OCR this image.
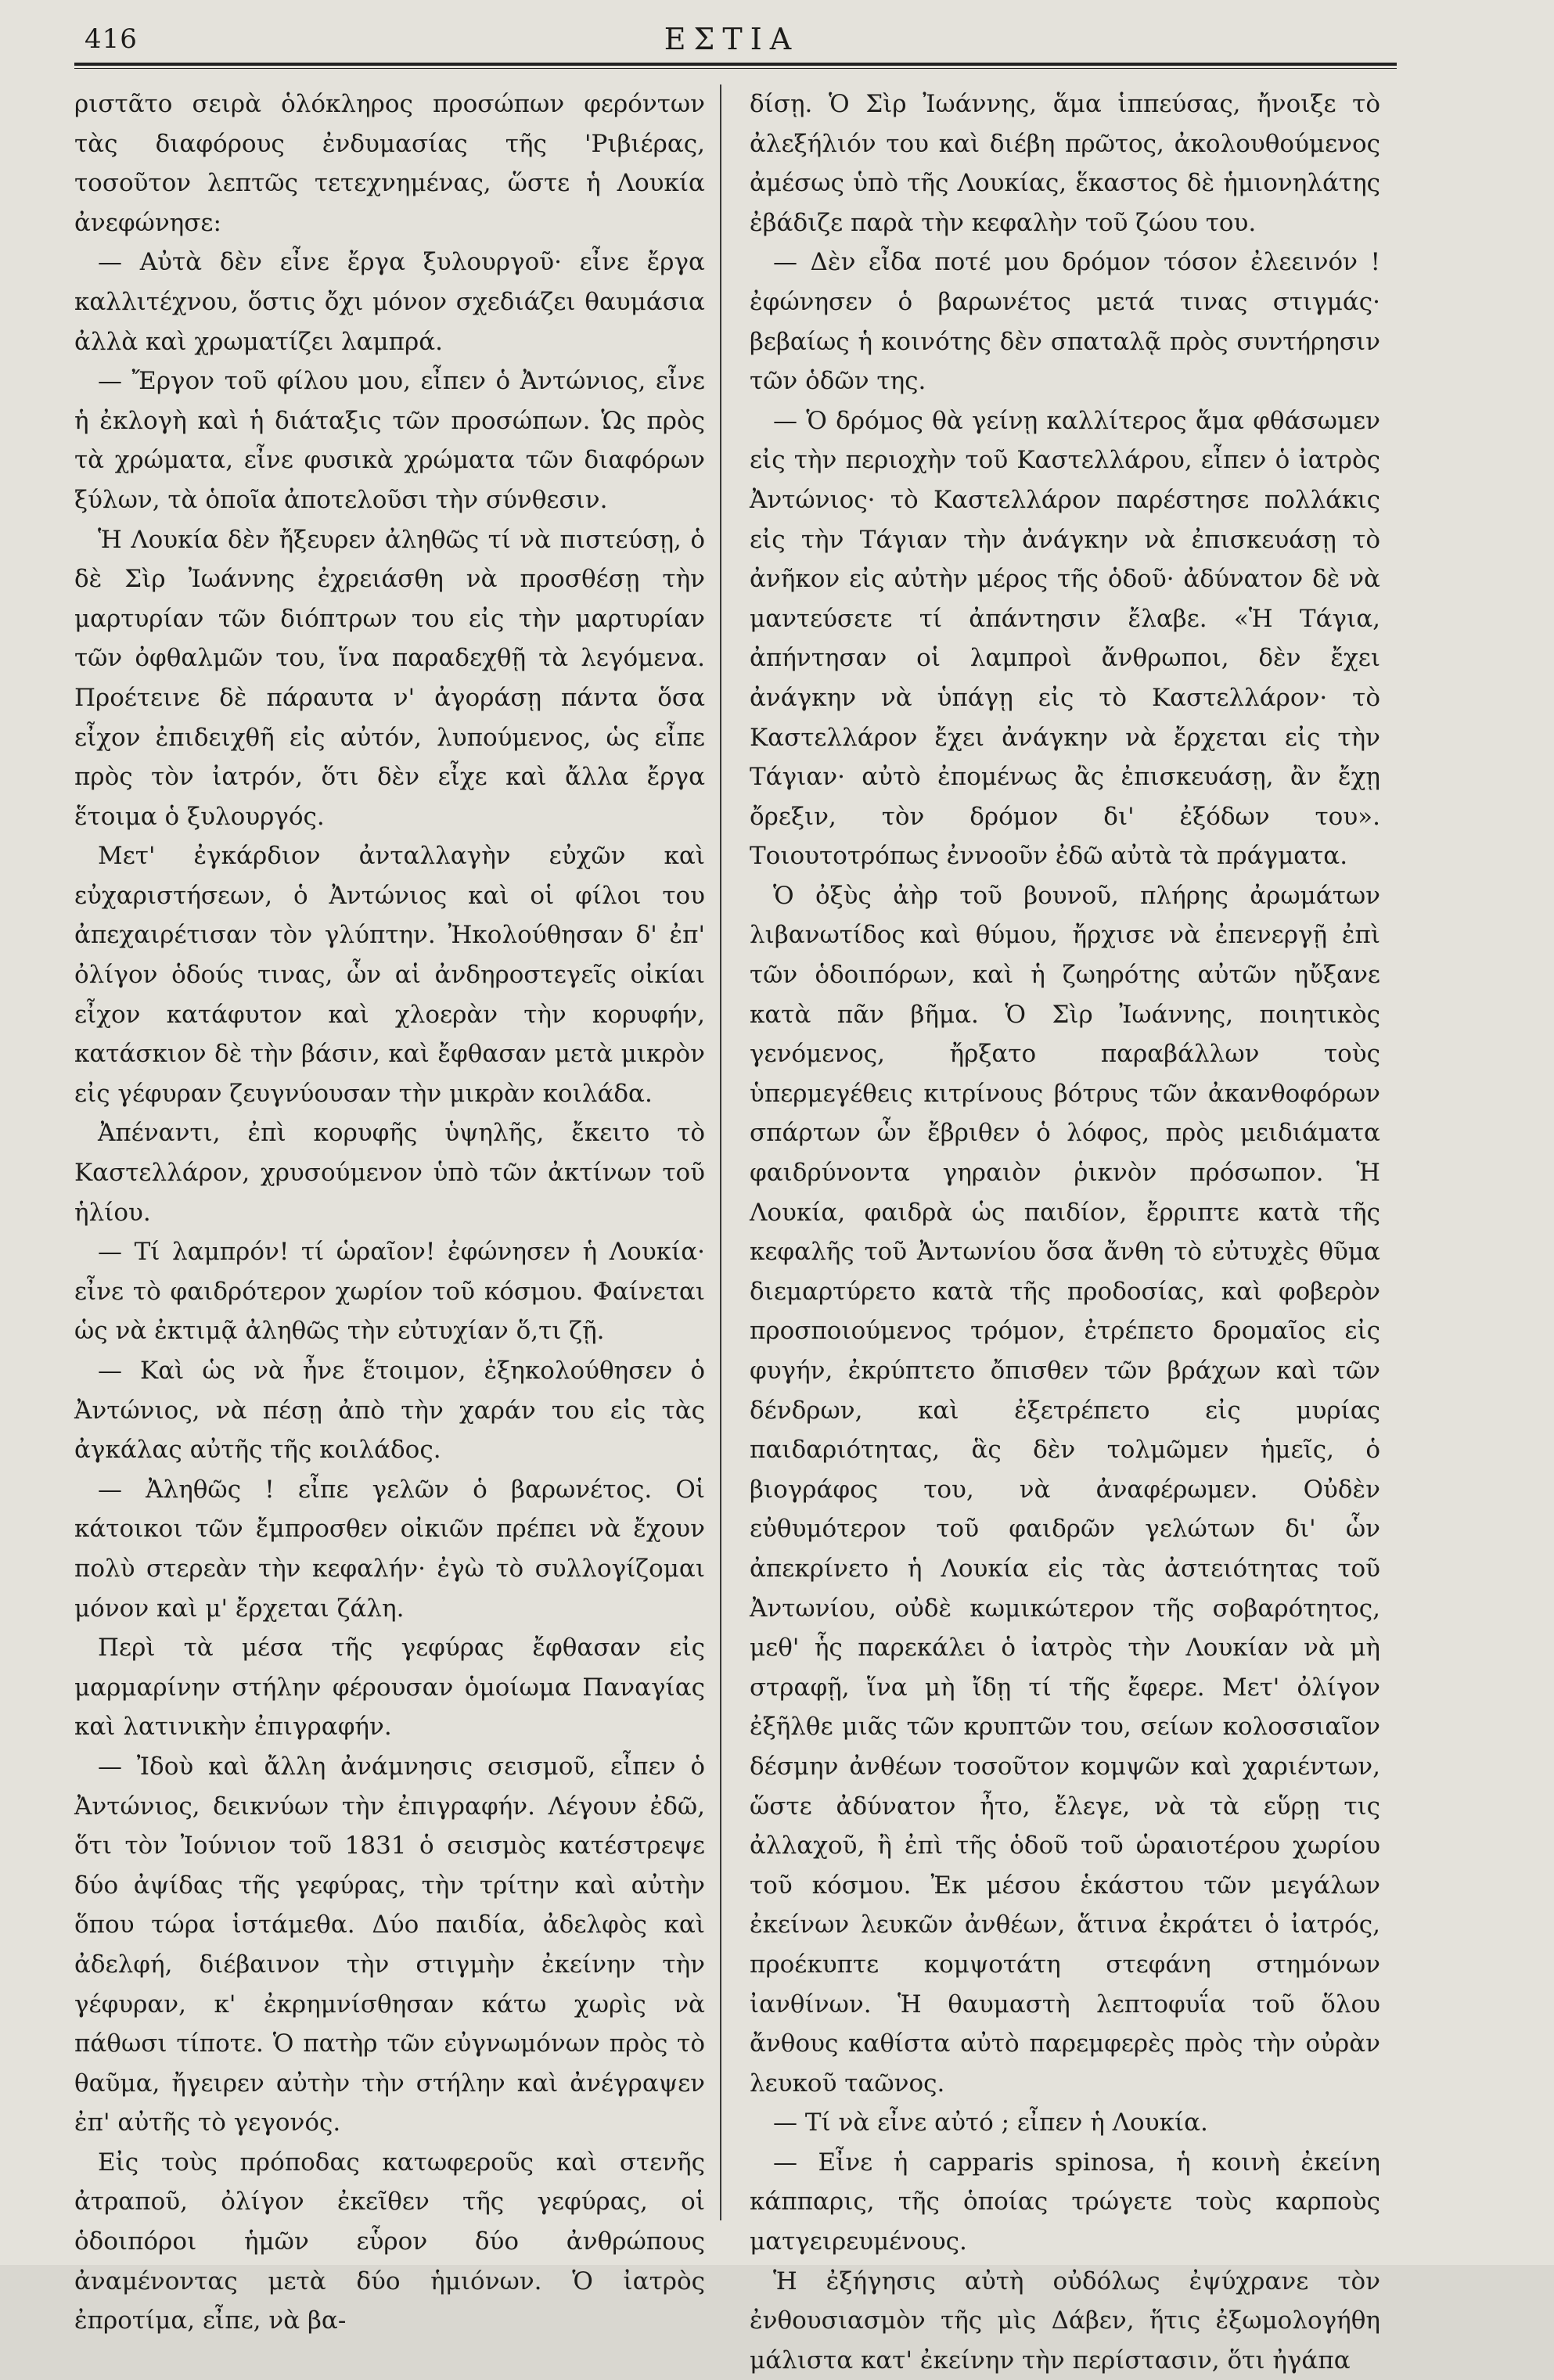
416	ΕΣΤΙΑ

ριστᾶτο σειρὰ ὁλόκληρος προσώπων φερόντων τὰς διαφόρους ἐνδυμασίας τῆς 'Ριβιέρας, τοσοῦτον λεπτῶς τετεχνημένας, ὥστε ἡ Λουκία ἀνεφώνησε:

— Αὐτὰ δὲν εἶνε ἔργα ξυλουργοῦ· εἶνε ἔργα καλλιτέχνου, ὅστις ὄχι μόνον σχεδιάζει θαυμάσια ἀλλὰ καὶ χρωματίζει λαμπρά.

— Ἔργον τοῦ φίλου μου, εἶπεν ὁ Ἀντώνιος, εἶνε ἡ ἐκλογὴ καὶ ἡ διάταξις τῶν προσώπων. Ὡς πρὸς τὰ χρώματα, εἶνε φυσικὰ χρώματα τῶν διαφόρων ξύλων, τὰ ὁποῖα ἀποτελοῦσι τὴν σύνθεσιν.

Ἡ Λουκία δὲν ἤξευρεν ἀληθῶς τί νὰ πιστεύσῃ, ὁ δὲ Σὶρ Ἰωάννης ἐχρειάσθη νὰ προσθέσῃ τὴν μαρτυρίαν τῶν διόπτρων του εἰς τὴν μαρτυρίαν τῶν ὀφθαλμῶν του, ἵνα παραδεχθῇ τὰ λεγόμενα. Προέτεινε δὲ πάραυτα ν' ἀγοράσῃ πάντα ὅσα εἶχον ἐπιδειχθῆ εἰς αὐτόν, λυπούμενος, ὡς εἶπε πρὸς τὸν ἰατρόν, ὅτι δὲν εἶχε καὶ ἄλλα ἔργα ἕτοιμα ὁ ξυλουργός.

Μετ' ἐγκάρδιον ἀνταλλαγὴν εὐχῶν καὶ εὐχαριστήσεων, ὁ Ἀντώνιος καὶ οἱ φίλοι του ἀπεχαιρέτισαν τὸν γλύπτην. Ἠκολούθησαν δ' ἐπ' ὀλίγον ὁδούς τινας, ὧν αἱ ἀνδηροστεγεῖς οἰκίαι εἶχον κατάφυτον καὶ χλοερὰν τὴν κορυφήν, κατάσκιον δὲ τὴν βάσιν, καὶ ἔφθασαν μετὰ μικρὸν εἰς γέφυραν ζευγνύουσαν τὴν μικρὰν κοιλάδα.

Ἀπέναντι, ἐπὶ κορυφῆς ὑψηλῆς, ἔκειτο τὸ Καστελλάρον, χρυσούμενον ὑπὸ τῶν ἀκτίνων τοῦ ἡλίου.

— Τί λαμπρόν! τί ὡραῖον! ἐφώνησεν ἡ Λουκία· εἶνε τὸ φαιδρότερον χωρίον τοῦ κόσμου. Φαίνεται ὡς νὰ ἐκτιμᾷ ἀληθῶς τὴν εὐτυχίαν ὅ,τι ζῇ.

— Καὶ ὡς νὰ ἦνε ἕτοιμον, ἐξηκολούθησεν ὁ Ἀντώνιος, νὰ πέσῃ ἀπὸ τὴν χαράν του εἰς τὰς ἀγκάλας αὐτῆς τῆς κοιλάδος.

— Ἀληθῶς ! εἶπε γελῶν ὁ βαρωνέτος. Οἱ κάτοικοι τῶν ἔμπροσθεν οἰκιῶν πρέπει νὰ ἔχουν πολὺ στερεὰν τὴν κεφαλήν· ἐγὼ τὸ συλλογίζομαι μόνον καὶ μ' ἔρχεται ζάλη.

Περὶ τὰ μέσα τῆς γεφύρας ἔφθασαν εἰς μαρμαρίνην στήλην φέρουσαν ὁμοίωμα Παναγίας καὶ λατινικὴν ἐπιγραφήν.

— Ἰδοὺ καὶ ἄλλη ἀνάμνησις σεισμοῦ, εἶπεν ὁ Ἀντώνιος, δεικνύων τὴν ἐπιγραφήν. Λέγουν ἐδῶ, ὅτι τὸν Ἰούνιον τοῦ 1831 ὁ σεισμὸς κατέστρεψε δύο ἀψίδας τῆς γεφύρας, τὴν τρίτην καὶ αὐτὴν ὅπου τώρα ἱστάμεθα. Δύο παιδία, ἀδελφὸς καὶ ἀδελφή, διέβαινον τὴν στιγμὴν ἐκείνην τὴν γέφυραν, κ' ἐκρημνίσθησαν κάτω χωρὶς νὰ πάθωσι τίποτε. Ὁ πατὴρ τῶν εὐγνωμόνων πρὸς τὸ θαῦμα, ἤγειρεν αὐτὴν τὴν στήλην καὶ ἀνέγραψεν ἐπ' αὐτῆς τὸ γεγονός.

Εἰς τοὺς πρόποδας κατωφεροῦς καὶ στενῆς ἀτραποῦ, ὀλίγον ἐκεῖθεν τῆς γεφύρας, οἱ ὁδοιπόροι ἡμῶν εὗρον δύο ἀνθρώπους ἀναμένοντας μετὰ δύο ἡμιόνων. Ὁ ἰατρὸς ἐπροτίμα, εἶπε, νὰ βα-

δίσῃ. Ὁ Σὶρ Ἰωάννης, ἅμα ἱππεύσας, ἤνοιξε τὸ ἀλεξήλιόν του καὶ διέβη πρῶτος, ἀκολουθούμενος ἀμέσως ὑπὸ τῆς Λουκίας, ἕκαστος δὲ ἡμιονηλάτης ἐβάδιζε παρὰ τὴν κεφαλὴν τοῦ ζώου του.

— Δὲν εἶδα ποτέ μου δρόμον τόσον ἐλεεινόν ! ἐφώνησεν ὁ βαρωνέτος μετά τινας στιγμάς· βεβαίως ἡ κοινότης δὲν σπαταλᾷ πρὸς συντήρησιν τῶν ὁδῶν της.

— Ὁ δρόμος θὰ γείνῃ καλλίτερος ἅμα φθάσωμεν εἰς τὴν περιοχὴν τοῦ Καστελλάρου, εἶπεν ὁ ἰατρὸς Ἀντώνιος· τὸ Καστελλάρον παρέστησε πολλάκις εἰς τὴν Τάγιαν τὴν ἀνάγκην νὰ ἐπισκευάσῃ τὸ ἀνῆκον εἰς αὐτὴν μέρος τῆς ὁδοῦ· ἀδύνατον δὲ νὰ μαντεύσετε τί ἀπάντησιν ἔλαβε. «Ἡ Τάγια, ἀπήντησαν οἱ λαμπροὶ ἄνθρωποι, δὲν ἔχει ἀνάγκην νὰ ὑπάγῃ εἰς τὸ Καστελλάρον· τὸ Καστελλάρον ἔχει ἀνάγκην νὰ ἔρχεται εἰς τὴν Τάγιαν· αὐτὸ ἐπομένως ἂς ἐπισκευάσῃ, ἂν ἔχῃ ὄρεξιν, τὸν δρόμον δι' ἐξόδων του». Τοιουτοτρόπως ἐννοοῦν ἐδῶ αὐτὰ τὰ πράγματα.

Ὁ ὀξὺς ἀὴρ τοῦ βουνοῦ, πλήρης ἀρωμάτων λιβανωτίδος καὶ θύμου, ἤρχισε νὰ ἐπενεργῇ ἐπὶ τῶν ὁδοιπόρων, καὶ ἡ ζωηρότης αὐτῶν ηὔξανε κατὰ πᾶν βῆμα. Ὁ Σὶρ Ἰωάννης, ποιητικὸς γενόμενος, ἤρξατο παραβάλλων τοὺς ὑπερμεγέθεις κιτρίνους βότρυς τῶν ἀκανθοφόρων σπάρτων ὧν ἔβριθεν ὁ λόφος, πρὸς μειδιάματα φαιδρύνοντα γηραιὸν ῥικνὸν πρόσωπον. Ἡ Λουκία, φαιδρὰ ὡς παιδίον, ἔρριπτε κατὰ τῆς κεφαλῆς τοῦ Ἀντωνίου ὅσα ἄνθη τὸ εὐτυχὲς θῦμα διεμαρτύρετο κατὰ τῆς προδοσίας, καὶ φοβερὸν προσποιούμενος τρόμον, ἐτρέπετο δρομαῖος εἰς φυγήν, ἐκρύπτετο ὄπισθεν τῶν βράχων καὶ τῶν δένδρων, καὶ ἐξετρέπετο εἰς μυρίας παιδαριότητας, ἃς δὲν τολμῶμεν ἡμεῖς, ὁ βιογράφος του, νὰ ἀναφέρωμεν. Οὐδὲν εὐθυμότερον τοῦ φαιδρῶν γελώτων δι' ὧν ἀπεκρίνετο ἡ Λουκία εἰς τὰς ἀστειότητας τοῦ Ἀντωνίου, οὐδὲ κωμικώτερον τῆς σοβαρότητος, μεθ' ἧς παρεκάλει ὁ ἰατρὸς τὴν Λουκίαν νὰ μὴ στραφῇ, ἵνα μὴ ἴδῃ τί τῆς ἔφερε. Μετ' ὀλίγον ἐξῆλθε μιᾶς τῶν κρυπτῶν του, σείων κολοσσιαῖον δέσμην ἀνθέων τοσοῦτον κομψῶν καὶ χαριέντων, ὥστε ἀδύνατον ἦτο, ἔλεγε, νὰ τὰ εὕρῃ τις ἀλλαχοῦ, ἢ ἐπὶ τῆς ὁδοῦ τοῦ ὡραιοτέρου χωρίου τοῦ κόσμου. Ἐκ μέσου ἑκάστου τῶν μεγάλων ἐκείνων λευκῶν ἀνθέων, ἅτινα ἐκράτει ὁ ἰατρός, προέκυπτε κομψοτάτη στεφάνη στημόνων ἰανθίνων. Ἡ θαυμαστὴ λεπτοφυΐα τοῦ ὅλου ἄνθους καθίστα αὐτὸ παρεμφερὲς πρὸς τὴν οὐρὰν λευκοῦ ταῶνος.

— Τί νὰ εἶνε αὐτό ; εἶπεν ἡ Λουκία.

— Εἶνε ἡ capparis spinosa, ἡ κοινὴ ἐκείνη κάππαρις, τῆς ὁποίας τρώγετε τοὺς καρποὺς ματγειρευμένους.

Ἡ ἐξήγησις αὐτὴ οὐδόλως ἐψύχρανε τὸν ἐνθουσιασμὸν τῆς μὶς Δάβεν, ἥτις ἐξωμολογήθη μάλιστα κατ' ἐκείνην τὴν περίστασιν, ὅτι ἠγάπα
